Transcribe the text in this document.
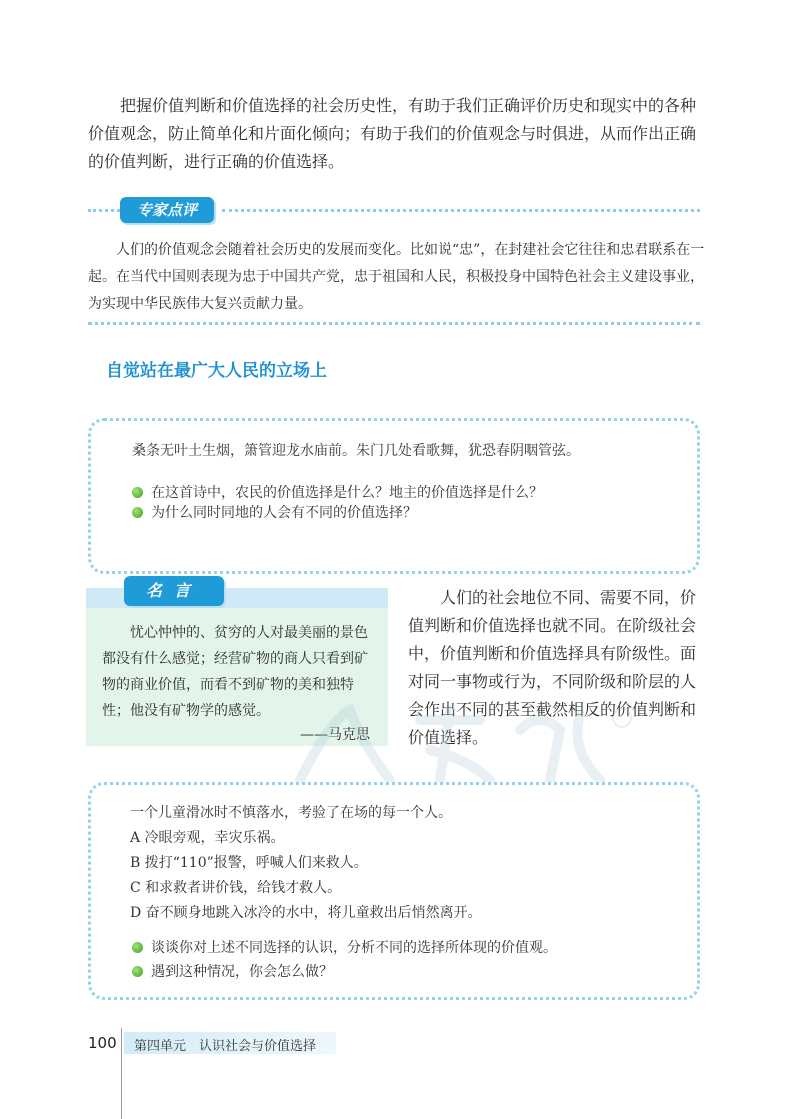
把握价值判断和价值选择的社会历史性，有助于我们正确评价历史和现实中的各种价值观念，防止简单化和片面化倾向；有助于我们的价值观念与时俱进，从而作出正确的价值判断，进行正确的价值选择。
专家点评
人们的价值观念会随着社会历史的发展而变化。比如说“忠”，在封建社会它往往和忠君联系在一起。在当代中国则表现为忠于中国共产党，忠于祖国和人民，积极投身中国特色社会主义建设事业，为实现中华民族伟大复兴贡献力量。
自觉站在最广大人民的立场上
桑条无叶土生烟，箫管迎龙水庙前。朱门几处看歌舞，犹恐春阴咽管弦。
在这首诗中，农民的价值选择是什么？地主的价值选择是什么？
为什么同时同地的人会有不同的价值选择？
名言
忧心忡忡的、贫穷的人对最美丽的景色都没有什么感觉；经营矿物的商人只看到矿物的商业价值，而看不到矿物的美和独特性；他没有矿物学的感觉。
——马克思
人们的社会地位不同、需要不同，价值判断和价值选择也就不同。在阶级社会中，价值判断和价值选择具有阶级性。面对同一事物或行为，不同阶级和阶层的人会作出不同的甚至截然相反的价值判断和价值选择。
一个儿童滑冰时不慎落水，考验了在场的每一个人。
A 冷眼旁观，幸灾乐祸。
B 拨打“110”报警，呼喊人们来救人。
C 和求救者讲价钱，给钱才救人。
D 奋不顾身地跳入冰冷的水中，将儿童救出后悄然离开。
谈谈你对上述不同选择的认识，分析不同的选择所体现的价值观。
遇到这种情况，你会怎么做？
100 第四单元　认识社会与价值选择
